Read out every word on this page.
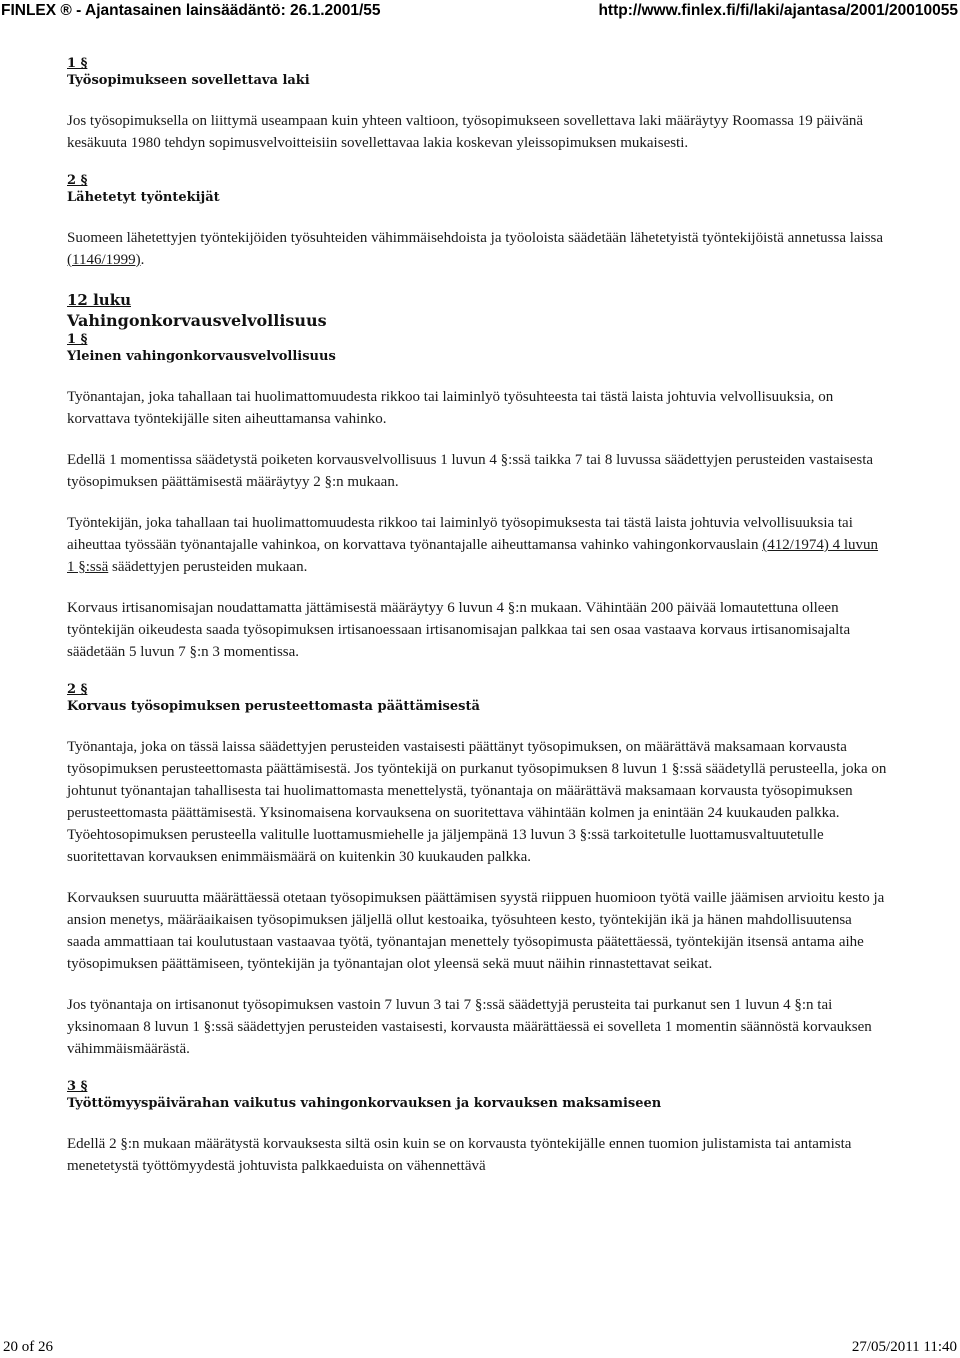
FINLEX ® - Ajantasainen lainsäädäntö: 26.1.2001/55	http://www.finlex.fi/fi/laki/ajantasa/2001/20010055
1 §
Työsopimukseen sovellettava laki

Jos työsopimuksella on liittymä useampaan kuin yhteen valtioon, työsopimukseen sovellettava laki määräytyy Roomassa 19 päivänä kesäkuuta 1980 tehdyn sopimusvelvoitteisiin sovellettavaa lakia koskevan yleissopimuksen mukaisesti.

2 §
Lähetetyt työntekijät

Suomeen lähetettyjen työntekijöiden työsuhteiden vähimmäisehdoista ja työoloista säädetään lähetetyistä työntekijöistä annetussa laissa (1146/1999).

12 luku
Vahingonkorvausvelvollisuus
1 §
Yleinen vahingonkorvausvelvollisuus

Työnantajan, joka tahallaan tai huolimattomuudesta rikkoo tai laiminlyö työsuhteesta tai tästä laista johtuvia velvollisuuksia, on korvattava työntekijälle siten aiheuttamansa vahinko.

Edellä 1 momentissa säädetystä poiketen korvausvelvollisuus 1 luvun 4 §:ssä taikka 7 tai 8 luvussa säädettyjen perusteiden vastaisesta työsopimuksen päättämisestä määräytyy 2 §:n mukaan.

Työntekijän, joka tahallaan tai huolimattomuudesta rikkoo tai laiminlyö työsopimuksesta tai tästä laista johtuvia velvollisuuksia tai aiheuttaa työssään työnantajalle vahinkoa, on korvattava työnantajalle aiheuttamansa vahinko vahingonkorvauslain (412/1974) 4 luvun 1 §:ssä säädettyjen perusteiden mukaan.

Korvaus irtisanomisajan noudattamatta jättämisestä määräytyy 6 luvun 4 §:n mukaan. Vähintään 200 päivää lomautettuna olleen työntekijän oikeudesta saada työsopimuksen irtisanoessaan irtisanomisajan palkkaa tai sen osaa vastaava korvaus irtisanomisajalta säädetään 5 luvun 7 §:n 3 momentissa.

2 §
Korvaus työsopimuksen perusteettomasta päättämisestä

Työnantaja, joka on tässä laissa säädettyjen perusteiden vastaisesti päättänyt työsopimuksen, on määrättävä maksamaan korvausta työsopimuksen perusteettomasta päättämisestä. Jos työntekijä on purkanut työsopimuksen 8 luvun 1 §:ssä säädetyllä perusteella, joka on johtunut työnantajan tahallisesta tai huolimattomasta menettelystä, työnantaja on määrättävä maksamaan korvausta työsopimuksen perusteettomasta päättämisestä. Yksinomaisena korvauksena on suoritettava vähintään kolmen ja enintään 24 kuukauden palkka. Työehtosopimuksen perusteella valitulle luottamusmiehelle ja jäljempänä 13 luvun 3 §:ssä tarkoitetulle luottamusvaltuutetulle suoritettavan korvauksen enimmäismäärä on kuitenkin 30 kuukauden palkka.

Korvauksen suuruutta määrättäessä otetaan työsopimuksen päättämisen syystä riippuen huomioon työtä vaille jäämisen arvioitu kesto ja ansion menetys, määräaikaisen työsopimuksen jäljellä ollut kestoaika, työsuhteen kesto, työntekijän ikä ja hänen mahdollisuutensa saada ammattiaan tai koulutustaan vastaavaa työtä, työnantajan menettely työsopimusta päätettäessä, työntekijän itsensä antama aihe työsopimuksen päättämiseen, työntekijän ja työnantajan olot yleensä sekä muut näihin rinnastettavat seikat.

Jos työnantaja on irtisanonut työsopimuksen vastoin 7 luvun 3 tai 7 §:ssä säädettyjä perusteita tai purkanut sen 1 luvun 4 §:n tai yksinomaan 8 luvun 1 §:ssä säädettyjen perusteiden vastaisesti, korvausta määrättäessä ei sovelleta 1 momentin säännöstä korvauksen vähimmäismäärästä.

3 §
Työttömyyspäivärahan vaikutus vahingonkorvauksen ja korvauksen maksamiseen

Edellä 2 §:n mukaan määrätystä korvauksesta siltä osin kuin se on korvausta työntekijälle ennen tuomion julistamista tai antamista menetetystä työttömyydestä johtuvista palkkaeduista on vähennettävä

20 of 26	27/05/2011 11:40
